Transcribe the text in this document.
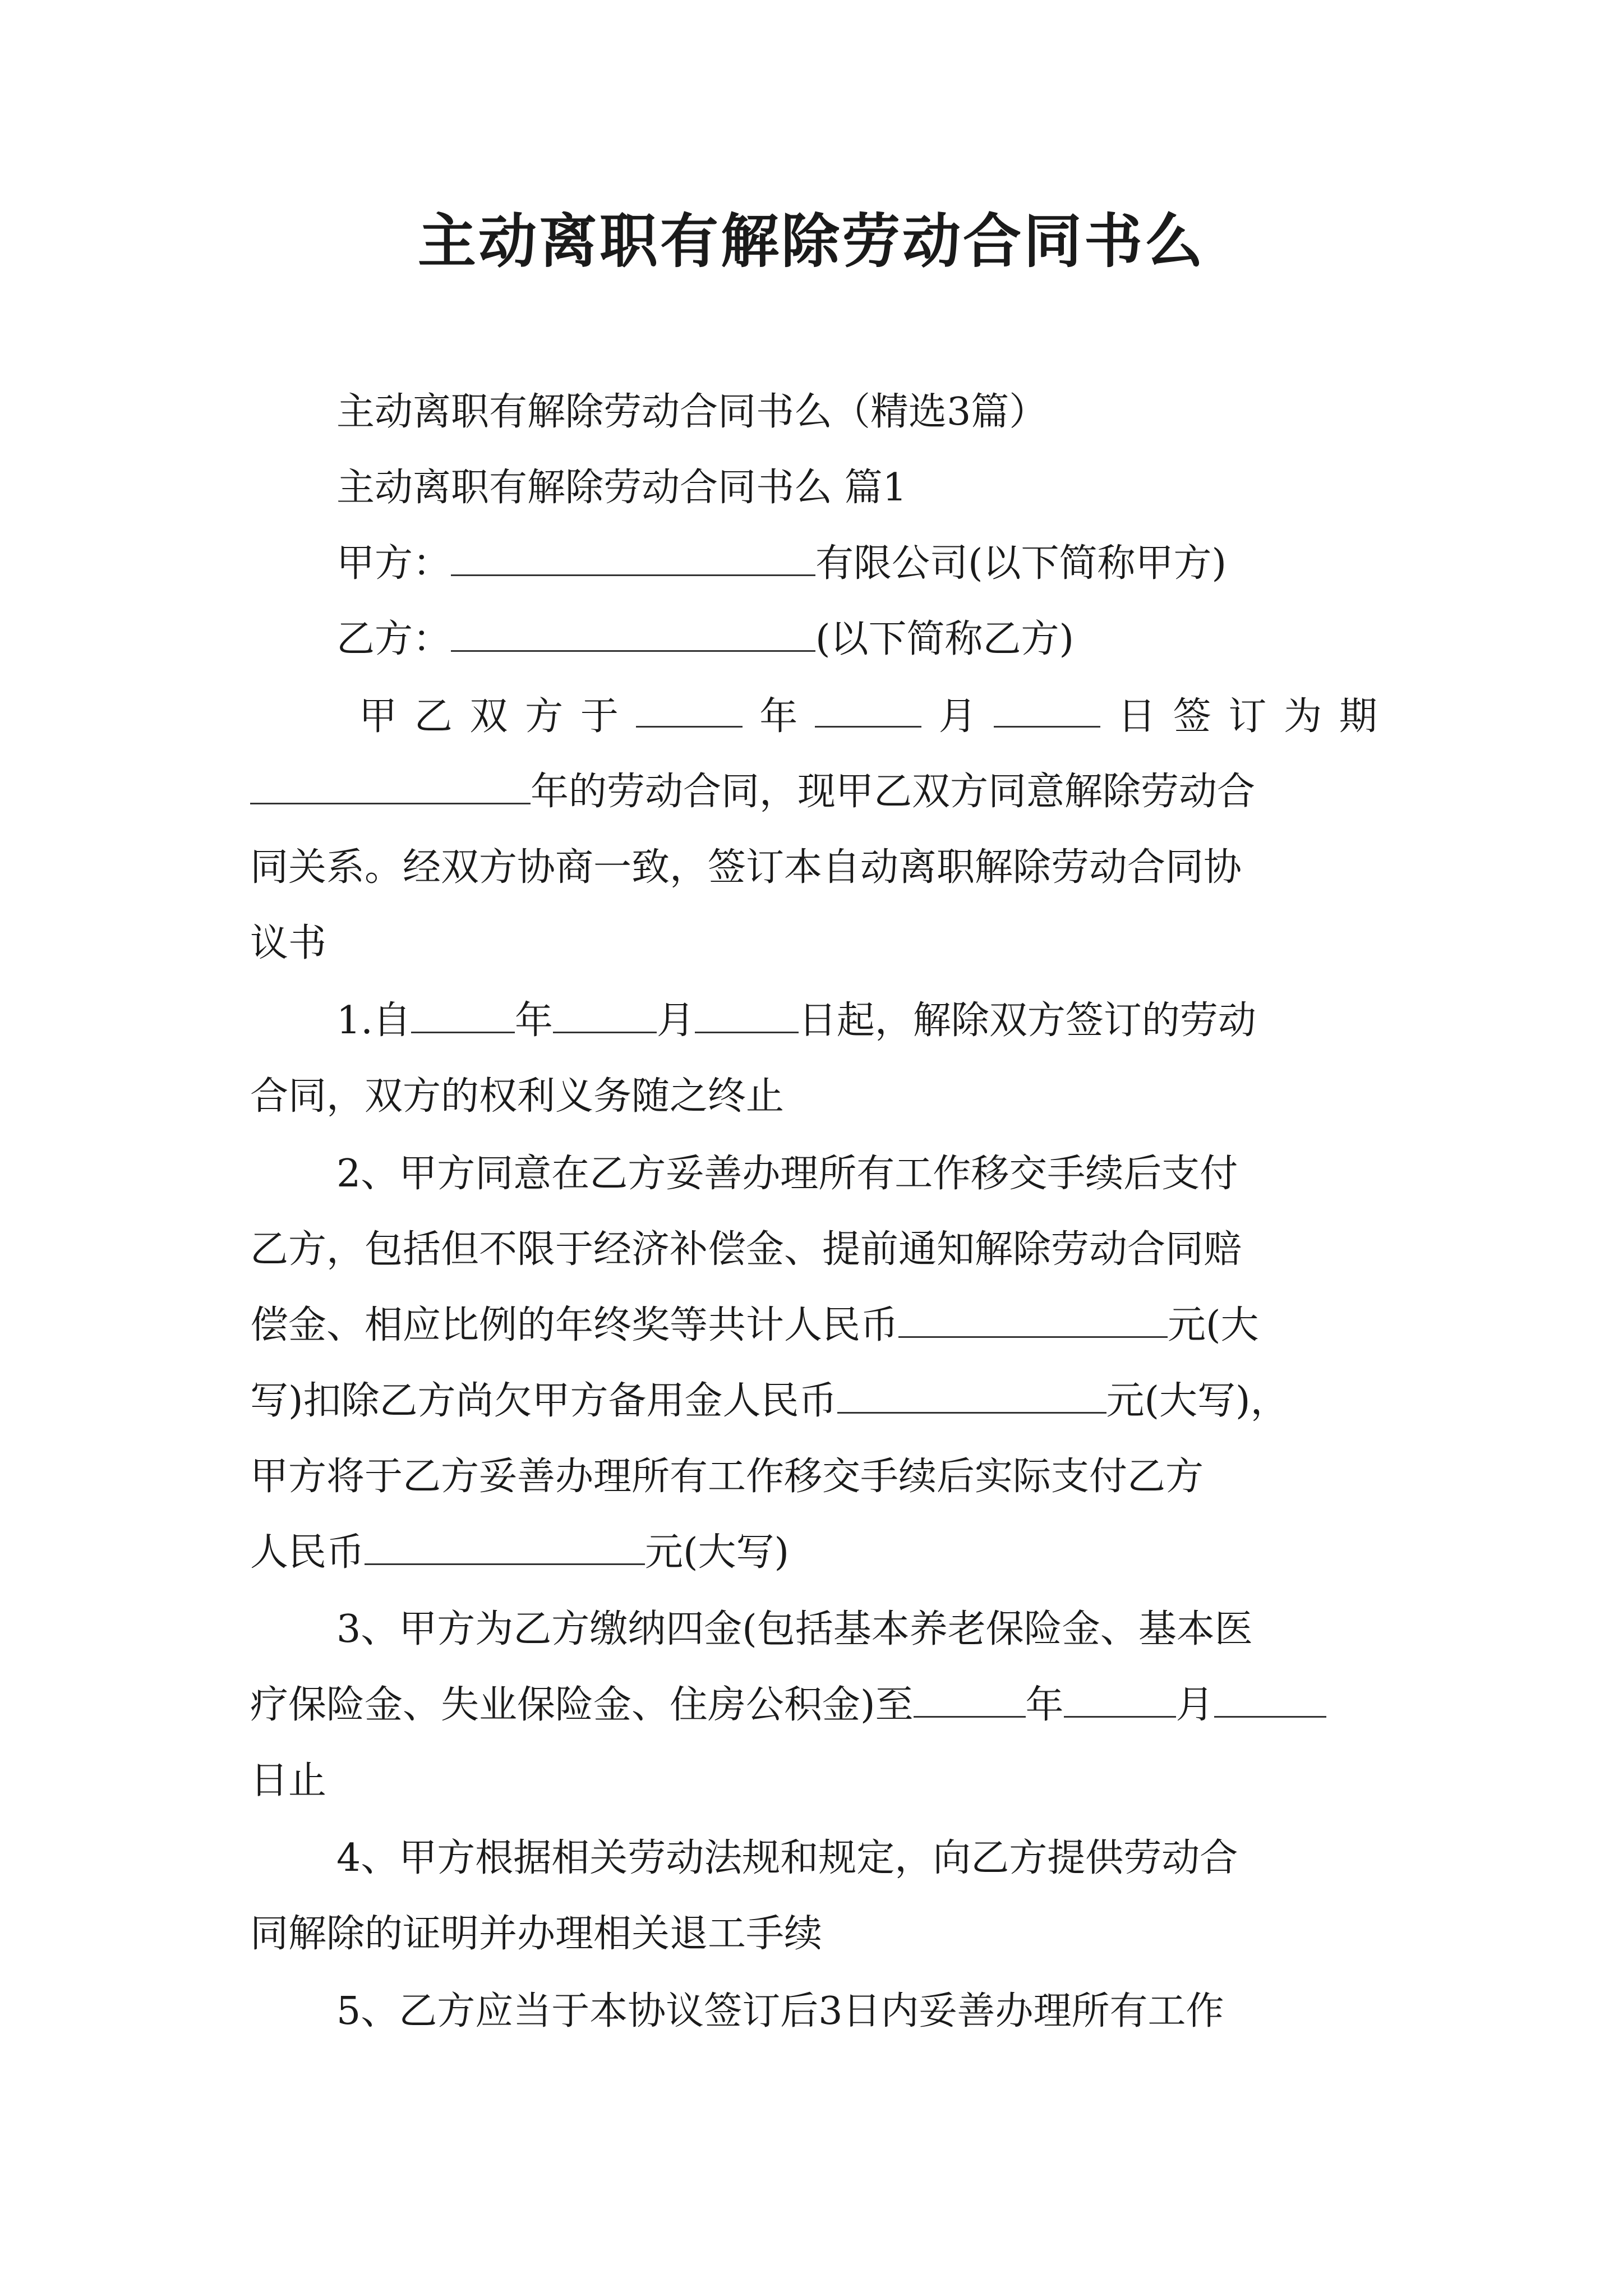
主动离职有解除劳动合同书么
主动离职有解除劳动合同书么（精选3篇）
主动离职有解除劳动合同书么 篇1
甲方：	有限公司(以下简称甲方)
乙方：	(以下简称乙方)
甲 乙 双 方 于	年	月	日 签 订 为 期
年的劳动合同，现甲乙双方同意解除劳动合
同关系。经双方协商一致，签订本自动离职解除劳动合同协
议书
1.自	年	月	日起，解除双方签订的劳动
合同，双方的权利义务随之终止
2、甲方同意在乙方妥善办理所有工作移交手续后支付
乙方，包括但不限于经济补偿金、提前通知解除劳动合同赔
偿金、相应比例的年终奖等共计人民币	元(大
写)扣除乙方尚欠甲方备用金人民币	元(大写)，
甲方将于乙方妥善办理所有工作移交手续后实际支付乙方
人民币	元(大写)
3、甲方为乙方缴纳四金(包括基本养老保险金、基本医
疗保险金、失业保险金、住房公积金)至	年	月
日止
4、甲方根据相关劳动法规和规定，向乙方提供劳动合
同解除的证明并办理相关退工手续
5、乙方应当于本协议签订后3日内妥善办理所有工作
